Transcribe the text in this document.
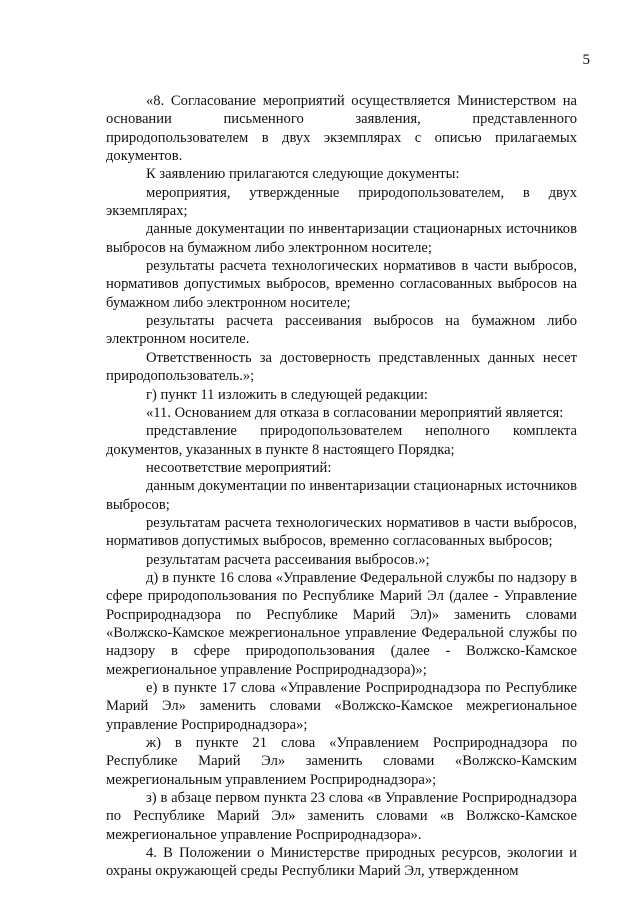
5

«8. Согласование мероприятий осуществляется Министерством на основании письменного заявления, представленного природопользователем в двух экземплярах с описью прилагаемых документов.

К заявлению прилагаются следующие документы:

мероприятия, утвержденные природопользователем, в двух экземплярах;

данные документации по инвентаризации стационарных источников выбросов на бумажном либо электронном носителе;

результаты расчета технологических нормативов в части выбросов, нормативов допустимых выбросов, временно согласованных выбросов на бумажном либо электронном носителе;

результаты расчета рассеивания выбросов на бумажном либо электронном носителе.

Ответственность за достоверность представленных данных несет природопользователь.»;

г) пункт 11 изложить в следующей редакции:

«11. Основанием для отказа в согласовании мероприятий является:

представление природопользователем неполного комплекта документов, указанных в пункте 8 настоящего Порядка;

несоответствие мероприятий:

данным документации по инвентаризации стационарных источников выбросов;

результатам расчета технологических нормативов в части выбросов, нормативов допустимых выбросов, временно согласованных выбросов;

результатам расчета рассеивания выбросов.»;

д) в пункте 16 слова «Управление Федеральной службы по надзору в сфере природопользования по Республике Марий Эл (далее - Управление Росприроднадзора по Республике Марий Эл)» заменить словами «Волжско-Камское межрегиональное управление Федеральной службы по надзору в сфере природопользования (далее - Волжско-Камское межрегиональное управление Росприроднадзора)»;

е) в пункте 17 слова «Управление Росприроднадзора по Республике Марий Эл» заменить словами «Волжско-Камское межрегиональное управление Росприроднадзора»;

ж) в пункте 21 слова «Управлением Росприроднадзора по Республике Марий Эл» заменить словами «Волжско-Камским межрегиональным управлением Росприроднадзора»;

з) в абзаце первом пункта 23 слова «в Управление Росприроднадзора по Республике Марий Эл» заменить словами «в Волжско-Камское межрегиональное управление Росприроднадзора».

4. В Положении о Министерстве природных ресурсов, экологии и охраны окружающей среды Республики Марий Эл, утвержденном
